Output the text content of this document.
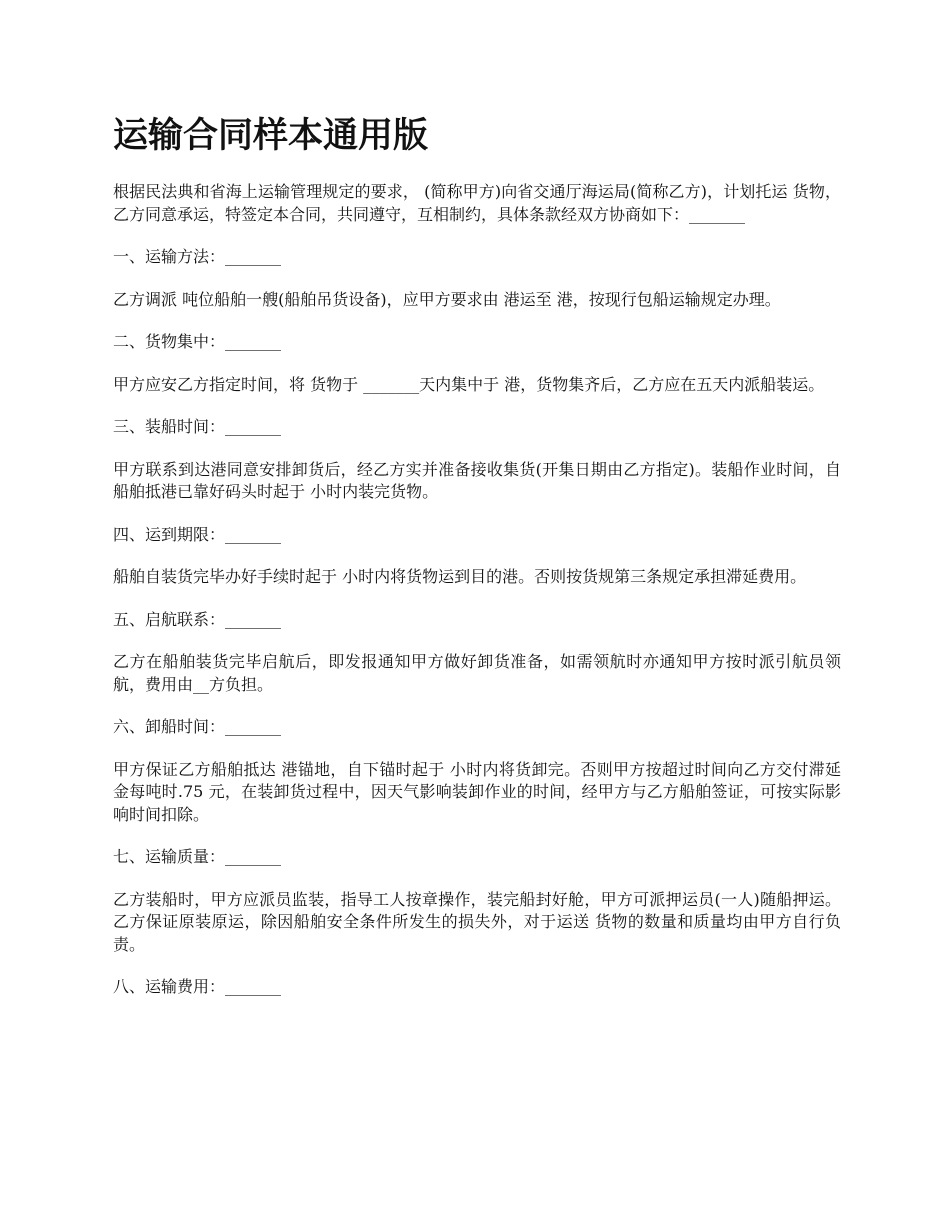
运输合同样本通用版

根据民法典和省海上运输管理规定的要求， (简称甲方)向省交通厅海运局(简称乙方)，计划托运 货物，乙方同意承运，特签定本合同，共同遵守，互相制约，具体条款经双方协商如下：_______

一、运输方法：_______

乙方调派 吨位船舶一艘(船舶吊货设备)，应甲方要求由 港运至 港，按现行包船运输规定办理。

二、货物集中：_______

甲方应安乙方指定时间，将 货物于 _______天内集中于 港，货物集齐后，乙方应在五天内派船装运。

三、装船时间：_______

甲方联系到达港同意安排卸货后，经乙方实并准备接收集货(开集日期由乙方指定)。装船作业时间，自船舶抵港已靠好码头时起于 小时内装完货物。

四、运到期限：_______

船舶自装货完毕办好手续时起于 小时内将货物运到目的港。否则按货规第三条规定承担滞延费用。

五、启航联系：_______

乙方在船舶装货完毕启航后，即发报通知甲方做好卸货准备，如需领航时亦通知甲方按时派引航员领航，费用由__方负担。

六、卸船时间：_______

甲方保证乙方船舶抵达 港锚地，自下锚时起于 小时内将货卸完。否则甲方按超过时间向乙方交付滞延金每吨时.75 元，在装卸货过程中，因天气影响装卸作业的时间，经甲方与乙方船舶签证，可按实际影响时间扣除。

七、运输质量：_______

乙方装船时，甲方应派员监装，指导工人按章操作，装完船封好舱，甲方可派押运员(一人)随船押运。乙方保证原装原运，除因船舶安全条件所发生的损失外，对于运送 货物的数量和质量均由甲方自行负责。

八、运输费用：_______
